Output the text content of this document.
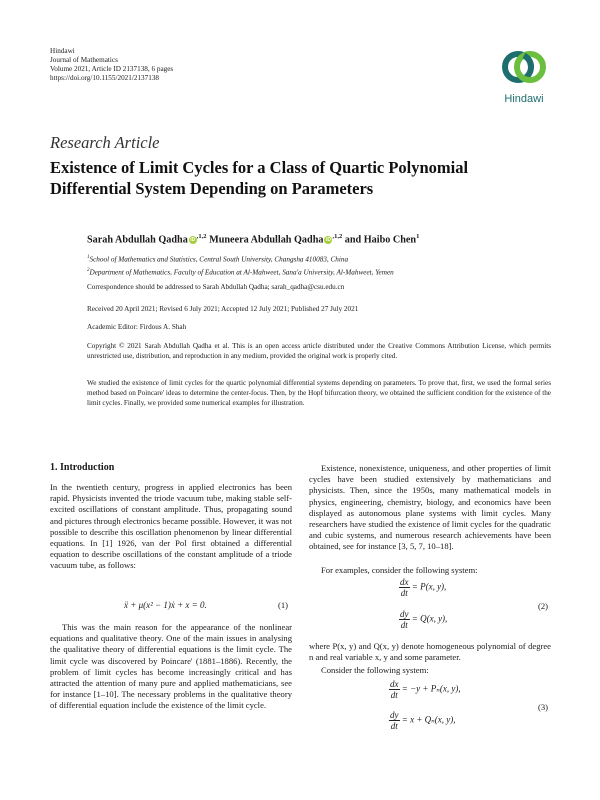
Hindawi
Journal of Mathematics
Volume 2021, Article ID 2137138, 6 pages
https://doi.org/10.1155/2021/2137138
Hindawi
Research Article
Existence of Limit Cycles for a Class of Quartic Polynomial
Differential System Depending on Parameters
Sarah Abdullah Qadha $iD^{,1,2}$ Muneera Abdullah Qadha $iD^{,1,2}$ and Haibo Chen$^1$
$^1$School of Mathematics and Statistics, Central South University, Changsha 410083, China
$^2$Department of Mathematics, Faculty of Education at Al-Mahweet, Sana'a University, Al-Mahweet, Yemen
Correspondence should be addressed to Sarah Abdullah Qadha; sarah_qadha@csu.edu.cn
Received 20 April 2021; Revised 6 July 2021; Accepted 12 July 2021; Published 27 July 2021
Academic Editor: Firdous A. Shah
Copyright © 2021 Sarah Abdullah Qadha et al. This is an open access article distributed under the Creative Commons Attribution License, which permits unrestricted use, distribution, and reproduction in any medium, provided the original work is properly cited.
We studied the existence of limit cycles for the quartic polynomial differential systems depending on parameters. To prove that, first, we used the formal series method based on Poincare' ideas to determine the center-focus. Then, by the Hopf bifurcation theory, we obtained the sufficient condition for the existence of the limit cycles. Finally, we provided some numerical examples for illustration.
1. Introduction
In the twentieth century, progress in applied electronics has been rapid. Physicists invented the triode vacuum tube, making stable self-excited oscillations of constant amplitude. Thus, propagating sound and pictures through electronics became possible. However, it was not possible to describe this oscillation phenomenon by linear differential equations. In [1] 1926, van der Pol first obtained a differential equation to describe oscillations of the constant amplitude of a triode vacuum tube, as follows:
ẍ + μ(x² − 1)ẋ + x = 0.	(1)
This was the main reason for the appearance of the nonlinear equations and qualitative theory. One of the main issues in analysing the qualitative theory of differential equations is the limit cycle. The limit cycle was discovered by Poincare' (1881–1886). Recently, the problem of limit cycles has become increasingly critical and has attracted the attention of many pure and applied mathematicians, see for instance [1–10]. The necessary problems in the qualitative theory of differential equation include the existence of the limit cycle.
Existence, nonexistence, uniqueness, and other properties of limit cycles have been studied extensively by mathematicians and physicists. Then, since the 1950s, many mathematical models in physics, engineering, chemistry, biology, and economics have been displayed as autonomous plane systems with limit cycles. Many researchers have studied the existence of limit cycles for the quadratic and cubic systems, and numerous research achievements have been obtained, see for instance [3, 5, 7, 10–18].
For examples, consider the following system:
$\frac{dx}{dt} = P(x$, y),
$\frac{dy}{dt} = Q(x$, y),
(2)
where P(x, y) and Q(x, y) denote homogeneous polynomial of degree n and real variable x, y and some parameter.
Consider the following system:
$\frac{dx}{dt} = -y + P_n(x$, y),
$\frac{dy}{dt} = x + Q_n(x$, y),
(3)
